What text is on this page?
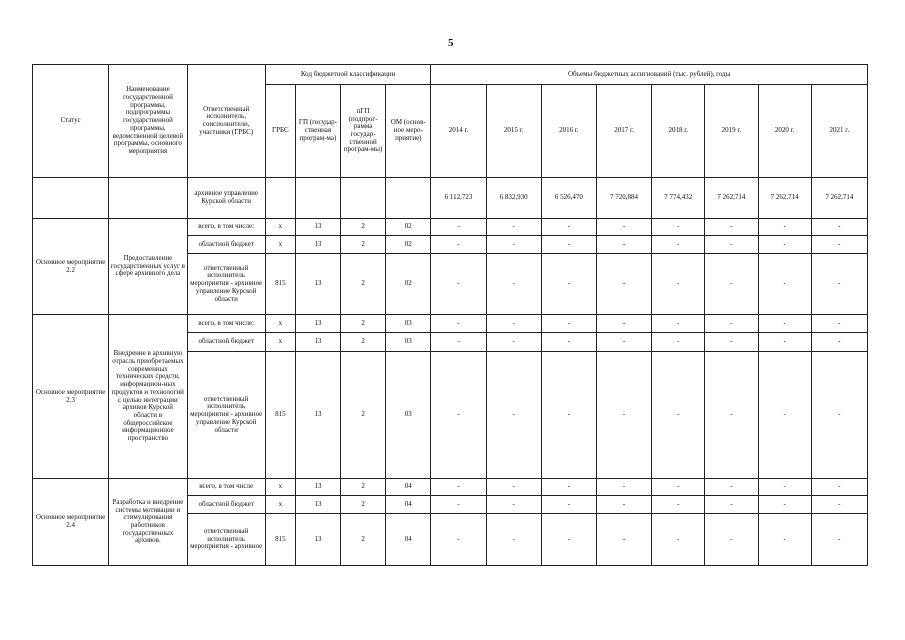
5
Статус	Наименование государственной программы, подпрограммы государственной программы, ведомственной целевой программы, основного мероприятия	Ответственный исполнитель, соисполнители, участники (ГРБС)	Код бюджетной классификации				Объемы бюджетных ассигнований (тыс. рублей), годы							
			ГРБС	ГП (государ-ственная програм-ма)	пГП (подпрог-рамма государ-ственной програм-мы)	ОМ (основ-ное меро-приятие)	2014 г.	2015 г.	2016 г.	2017 г.	2018 г.	2019 г.	2020 г.	2021 г.
		архивное управление Курской области					6 112,723	6 832,930	6 526,470	7 720,884	7 774,432	7 262,714	7 262,714	7 262,714
Основное мероприятие 2.2	Предоставление государственных услуг в сфере архивного дела	всего, в том числе:	x	13	2	02	-	-	-	-	-	-	-	-
		областной бюджет	x	13	2	02	-	-	-	-	-	-	-	-
		ответственный исполнитель мероприятия - архивное управление Курской области	815	13	2	02	-	-	-	-	-	-	-	-
Основное мероприятие 2.3	Внедрение в архивную отрасль приобретаемых современных технических средств, информацион-ных продуктов и технологий с целью интеграции архивов Курской области в общероссийское информационное пространство	всего, в том числе:	x	13	2	03	-	-	-	-	-	-	-	-
		областной бюджет	x	13	2	03	-	-	-	-	-	-	-	-
		ответственный исполнитель мероприятия - архивное управление Курской области	815	13	2	03	-	-	-	-	-	-	-	-
Основное мероприятие 2.4	Разработка и внедрение системы мотивации и стимулирования работников государственных архивов.	всего, в том числе	x	13	2	04	-	-	-	-	-	-	-	-
		областной бюджет	x	13	2	04	-	-	-	-	-	-	-	-
		ответственный исполнитель мероприятия - архивное	815	13	2	04	-	-	-	-	-	-	-	-
